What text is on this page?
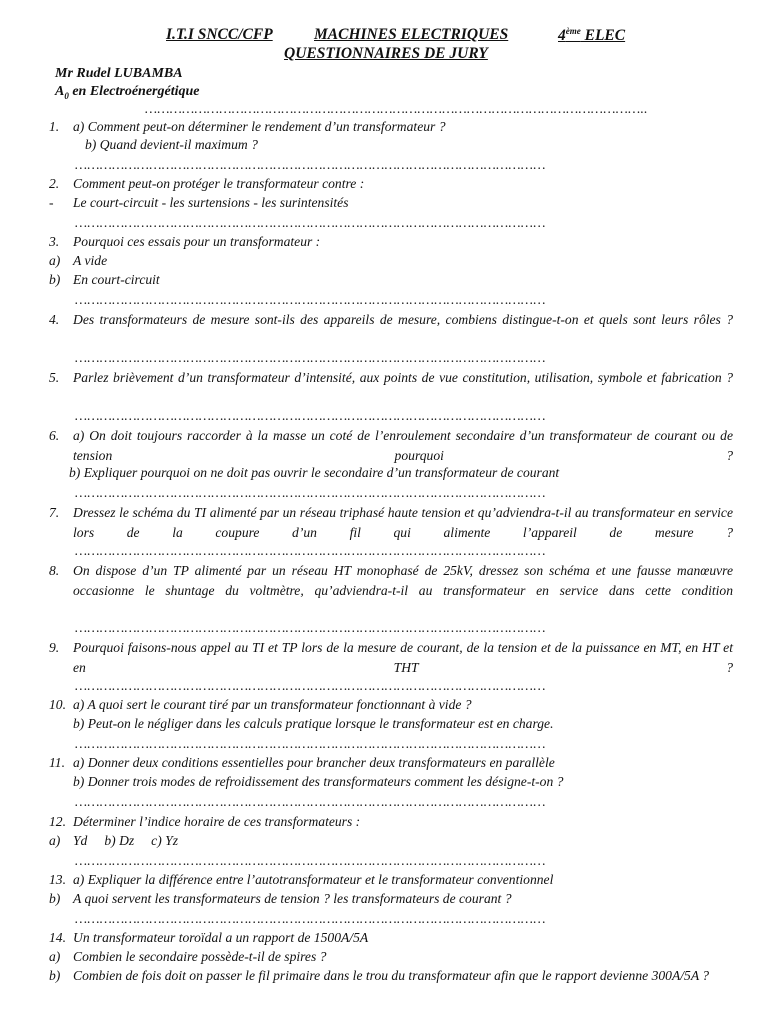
I.T.I SNCC/CFP	MACHINES ELECTRIQUES	4ème ELEC
QUESTIONNAIRES DE JURY
Mr Rudel LUBAMBA
$A_0$ en Electroénergétique
…………………………………………………………………………………………………………..
1. a) Comment peut-on déterminer le rendement d’un transformateur ?
b) Quand devient-il maximum ?
……………………………………………………………………………………………………
2. Comment peut-on protéger le transformateur contre :
- Le court-circuit - les surtensions - les surintensités
……………………………………………………………………………………………………
3. Pourquoi ces essais pour un transformateur :
a) A vide
b) En court-circuit
……………………………………………………………………………………………………
4. Des transformateurs de mesure sont-ils des appareils de mesure, combiens distingue-t-on et quels sont leurs rôles ?
……………………………………………………………………………………………………
5. Parlez brièvement d’un transformateur d’intensité, aux points de vue constitution, utilisation, symbole et fabrication ?
……………………………………………………………………………………………………
6. a) On doit toujours raccorder à la masse un coté de l’enroulement secondaire d’un transformateur de courant ou de tension pourquoi ?
b) Expliquer pourquoi on ne doit pas ouvrir le secondaire d’un transformateur de courant
……………………………………………………………………………………………………
7. Dressez le schéma du TI alimenté par un réseau triphasé haute tension et qu’adviendra-t-il au transformateur en service lors de la coupure d’un fil qui alimente l’appareil de mesure ?
……………………………………………………………………………………………………
8. On dispose d’un TP alimenté par un réseau HT monophasé de 25kV, dressez son schéma et une fausse manœuvre occasionne le shuntage du voltmètre, qu’adviendra-t-il au transformateur en service dans cette condition
……………………………………………………………………………………………………
9. Pourquoi faisons-nous appel au TI et TP lors de la mesure de courant, de la tension et de la puissance en MT, en HT et en THT ?
……………………………………………………………………………………………………
10. a) A quoi sert le courant tiré par un transformateur fonctionnant à vide ?
b) Peut-on le négliger dans les calculs pratique lorsque le transformateur est en charge.
……………………………………………………………………………………………………
11. a) Donner deux conditions essentielles pour brancher deux transformateurs en parallèle
b) Donner trois modes de refroidissement des transformateurs comment les désigne-t-on ?
……………………………………………………………………………………………………
12. Déterminer l’indice horaire de ces transformateurs :
a) Yd     b) Dz     c) Yz
……………………………………………………………………………………………………
13. a) Expliquer la différence entre l’autotransformateur et le transformateur conventionnel
b) A quoi servent les transformateurs de tension ? les transformateurs de courant ?
……………………………………………………………………………………………………
14. Un transformateur toroïdal a un rapport de 1500A/5A
a) Combien le secondaire possède-t-il de spires ?
b) Combien de fois doit on passer le fil primaire dans le trou du transformateur afin que le rapport devienne 300A/5A ?
